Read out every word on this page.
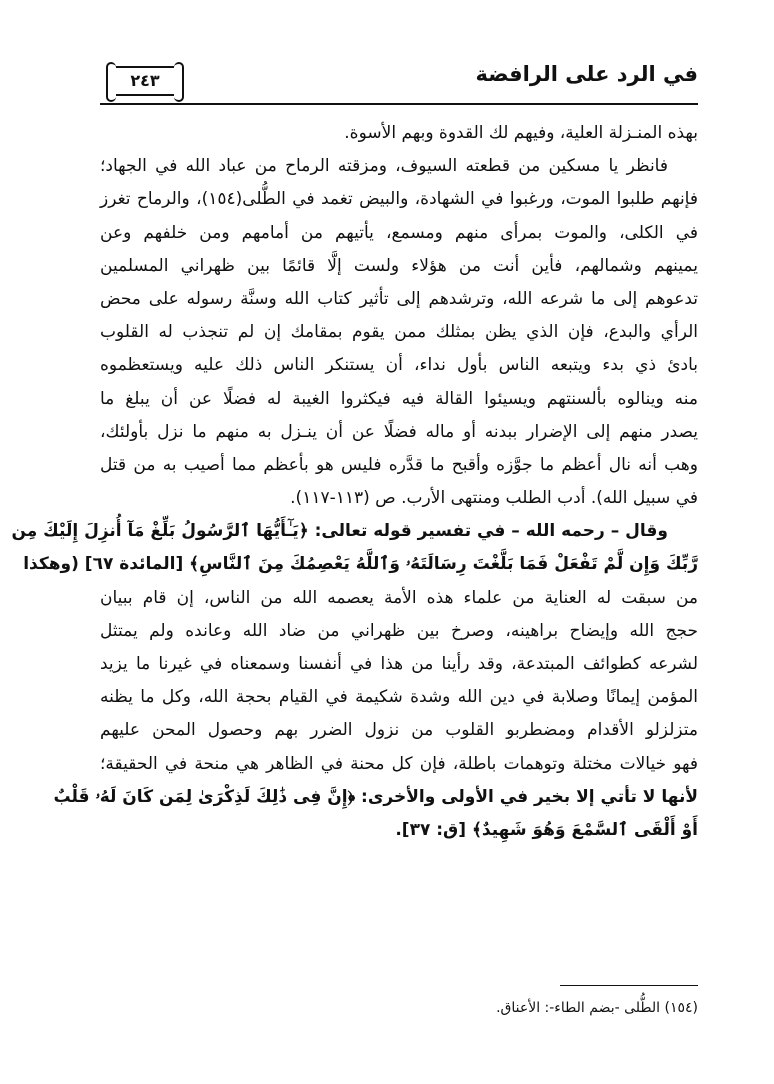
في الرد على الرافضة
٢٤٣
بهذه المنـزلة العلية، وفيهم لك القدوة وبهم الأسوة.
فانظر يا مسكين من قطعته السيوف، ومزقته الرماح من عباد الله في الجهاد؛
فإنهم طلبوا الموت، ورغبوا في الشهادة، والبيض تغمد في الطُّلى(١٥٤)، والرماح تغرز
في الكلى، والموت بمرأى منهم ومسمع، يأتيهم من أمامهم ومن خلفهم وعن
يمينهم وشمالهم، فأين أنت من هؤلاء ولست إلَّا قائمًا بين ظهراني المسلمين
تدعوهم إلى ما شرعه الله، وترشدهم إلى تأثير كتاب الله وسنَّة رسوله على محض
الرأي والبدع، فإن الذي يظن بمثلك ممن يقوم بمقامك إن لم تنجذب له القلوب
بادئ ذي بدء ويتبعه الناس بأول نداء، أن يستنكر الناس ذلك عليه ويستعظموه
منه وينالوه بألسنتهم ويسيئوا القالة فيه فيكثروا الغيبة له فضلًا عن أن يبلغ ما
يصدر منهم إلى الإضرار ببدنه أو ماله فضلًا عن أن ينـزل به منهم ما نزل بأولئك،
وهب أنه نال أعظم ما جوَّزه وأقبح ما قدَّره فليس هو بأعظم مما أصيب به من قتل
في سبيل الله). أدب الطلب ومنتهى الأرب. ص (١١٣-١١٧).
وقال – رحمه الله – في تفسير قوله تعالى: ﴿يَـٰٓأَيُّهَا ٱلرَّسُولُ بَلِّغْ مَآ أُنزِلَ إِلَيْكَ مِن
رَّبِّكَ وَإِن لَّمْ تَفْعَلْ فَمَا بَلَّغْتَ رِسَالَتَهُۥ وَٱللَّهُ يَعْصِمُكَ مِنَ ٱلنَّاسِ﴾ [المائدة ٦٧] (وهكذا
من سبقت له العناية من علماء هذه الأمة يعصمه الله من الناس، إن قام ببيان
حجج الله وإيضاح براهينه، وصرخ بين ظهراني من ضاد الله وعانده ولم يمتثل
لشرعه كطوائف المبتدعة، وقد رأينا من هذا في أنفسنا وسمعناه في غيرنا ما يزيد
المؤمن إيمانًا وصلابة في دين الله وشدة شكيمة في القيام بحجة الله، وكل ما يظنه
متزلزلو الأقدام ومضطربو القلوب من نزول الضرر بهم وحصول المحن عليهم
فهو خيالات مختلة وتوهمات باطلة، فإن كل محنة في الظاهر هي منحة في الحقيقة؛
لأنها لا تأتي إلا بخير في الأولى والأخرى: ﴿إِنَّ فِى ذَٰلِكَ لَذِكْرَىٰ لِمَن كَانَ لَهُۥ قَلْبٌ
أَوْ أَلْقَى ٱلسَّمْعَ وَهُوَ شَهِيدٌ﴾ [ق: ٣٧].
(١٥٤) الطُّلى -بضم الطاء-: الأعناق.
